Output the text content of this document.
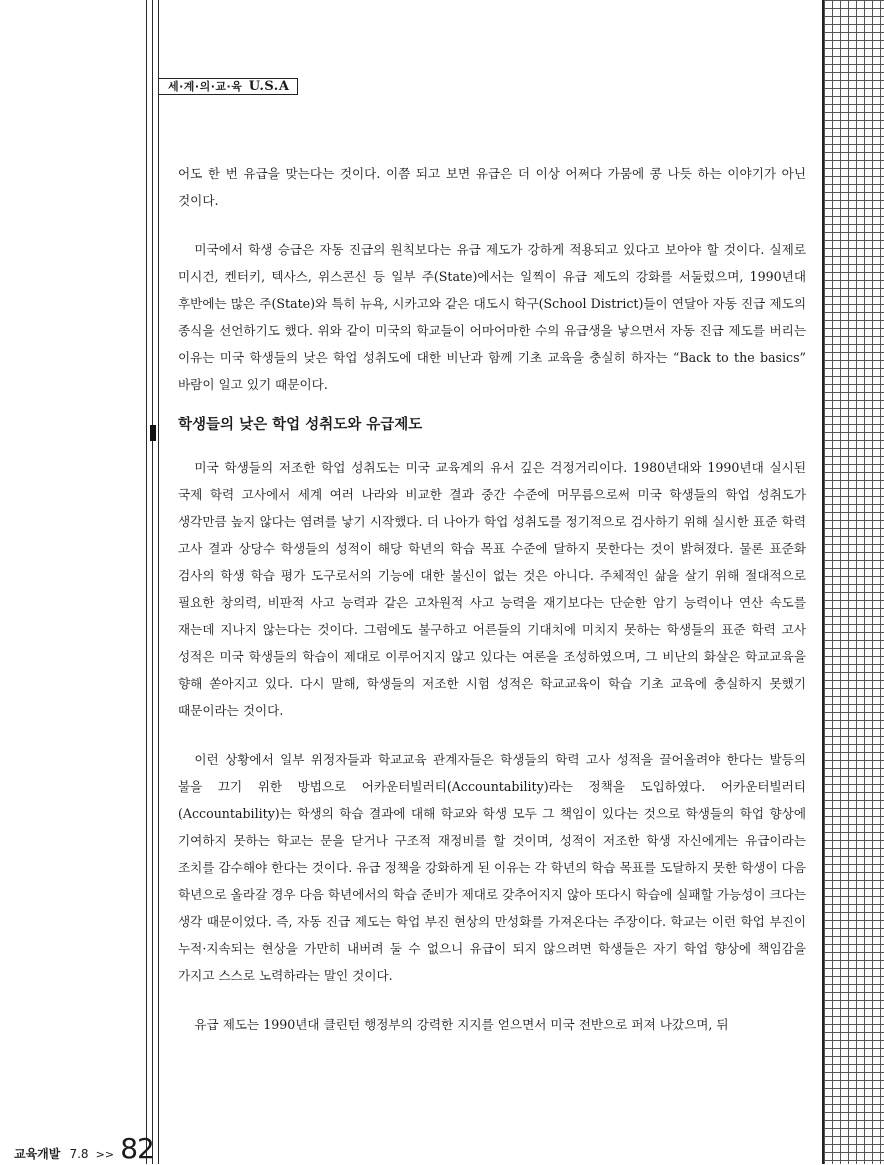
세·계·의·교·육 U.S.A

어도 한 번 유급을 맞는다는 것이다. 이쯤 되고 보면 유급은 더 이상 어쩌다 가뭄에 콩 나듯 하는 이야기가 아닌 것이다.

미국에서 학생 승급은 자동 진급의 원칙보다는 유급 제도가 강하게 적용되고 있다고 보아야 할 것이다. 실제로 미시건, 켄터키, 텍사스, 위스콘신 등 일부 주(State)에서는 일찍이 유급 제도의 강화를 서둘렀으며, 1990년대 후반에는 많은 주(State)와 특히 뉴욕, 시카고와 같은 대도시 학구(School District)들이 연달아 자동 진급 제도의 종식을 선언하기도 했다. 위와 같이 미국의 학교들이 어마어마한 수의 유급생을 낳으면서 자동 진급 제도를 버리는 이유는 미국 학생들의 낮은 학업 성취도에 대한 비난과 함께 기초 교육을 충실히 하자는 “Back to the basics” 바람이 일고 있기 때문이다.

학생들의 낮은 학업 성취도와 유급제도

미국 학생들의 저조한 학업 성취도는 미국 교육계의 유서 깊은 걱정거리이다. 1980년대와 1990년대 실시된 국제 학력 고사에서 세계 여러 나라와 비교한 결과 중간 수준에 머무름으로써 미국 학생들의 학업 성취도가 생각만큼 높지 않다는 염려를 낳기 시작했다. 더 나아가 학업 성취도를 정기적으로 검사하기 위해 실시한 표준 학력 고사 결과 상당수 학생들의 성적이 해당 학년의 학습 목표 수준에 달하지 못한다는 것이 밝혀졌다. 물론 표준화 검사의 학생 학습 평가 도구로서의 기능에 대한 불신이 없는 것은 아니다. 주체적인 삶을 살기 위해 절대적으로 필요한 창의력, 비판적 사고 능력과 같은 고차원적 사고 능력을 재기보다는 단순한 암기 능력이나 연산 속도를 재는데 지나지 않는다는 것이다. 그럼에도 불구하고 어른들의 기대치에 미치지 못하는 학생들의 표준 학력 고사 성적은 미국 학생들의 학습이 제대로 이루어지지 않고 있다는 여론을 조성하였으며, 그 비난의 화살은 학교교육을 향해 쏟아지고 있다. 다시 말해, 학생들의 저조한 시험 성적은 학교교육이 학습 기초 교육에 충실하지 못했기 때문이라는 것이다.

이런 상황에서 일부 위정자들과 학교교육 관계자들은 학생들의 학력 고사 성적을 끌어올려야 한다는 발등의 불을 끄기 위한 방법으로 어카운터빌러티(Accountability)라는 정책을 도입하였다. 어카운터빌러티(Accountability)는 학생의 학습 결과에 대해 학교와 학생 모두 그 책임이 있다는 것으로 학생들의 학업 향상에 기여하지 못하는 학교는 문을 닫거나 구조적 재정비를 할 것이며, 성적이 저조한 학생 자신에게는 유급이라는 조치를 감수해야 한다는 것이다. 유급 정책을 강화하게 된 이유는 각 학년의 학습 목표를 도달하지 못한 학생이 다음 학년으로 올라갈 경우 다음 학년에서의 학습 준비가 제대로 갖추어지지 않아 또다시 학습에 실패할 가능성이 크다는 생각 때문이었다. 즉, 자동 진급 제도는 학업 부진 현상의 만성화를 가져온다는 주장이다. 학교는 이런 학업 부진이 누적·지속되는 현상을 가만히 내버려 둘 수 없으니 유급이 되지 않으려면 학생들은 자기 학업 향상에 책임감을 가지고 스스로 노력하라는 말인 것이다.

유급 제도는 1990년대 클린턴 행정부의 강력한 지지를 얻으면서 미국 전반으로 퍼져 나갔으며, 뒤

교육개발 7.8 >> 82
